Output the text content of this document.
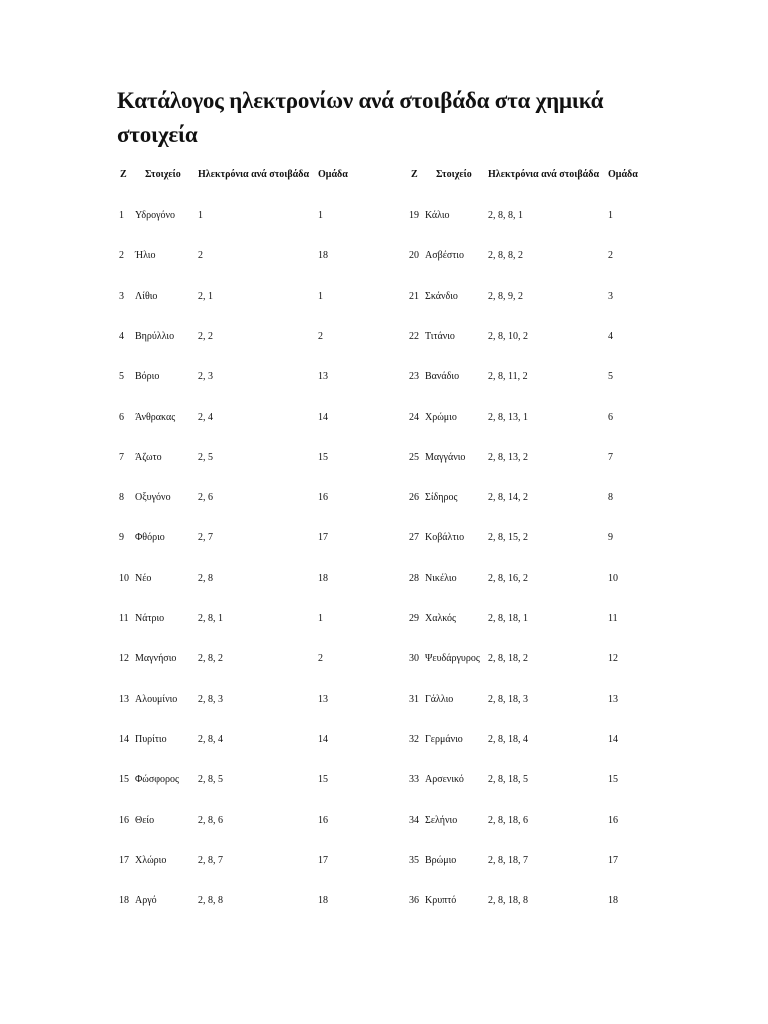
Κατάλογος ηλεκτρονίων ανά στοιβάδα στα χημικά στοιχεία
Z Στοιχείο Ηλεκτρόνια ανά στοιβάδα Ομάδα
1 Υδρογόνο 1	1
2 Ήλιο	2	18
3 Λίθιο	2, 1	1
4 Βηρύλλιο 2, 2	2
5 Βόριο	2, 3	13
6 Άνθρακας 2, 4	14
7 Άζωτο	2, 5	15
8 Οξυγόνο	2, 6	16
9 Φθόριο	2, 7	17
10 Νέο	2, 8	18
11 Νάτριο	2, 8, 1	1
12 Μαγνήσιο 2, 8, 2	2
13 Αλουμίνιο 2, 8, 3	13
14 Πυρίτιο	2, 8, 4	14
15 Φώσφορος 2, 8, 5	15
16 Θείο	2, 8, 6	16
17 Χλώριο	2, 8, 7	17
18 Αργό	2, 8, 8	18
Z Στοιχείο Ηλεκτρόνια ανά στοιβάδα Ομάδα
19 Κάλιο	2, 8, 8, 1	1
20 Ασβέστιο 2, 8, 8, 2	2
21 Σκάνδιο	2, 8, 9, 2	3
22 Τιτάνιο	2, 8, 10, 2	4
23 Βανάδιο	2, 8, 11, 2	5
24 Χρώμιο	2, 8, 13, 1	6
25 Μαγγάνιο 2, 8, 13, 2	7
26 Σίδηρος	2, 8, 14, 2	8
27 Κοβάλτιο 2, 8, 15, 2	9
28 Νικέλιο	2, 8, 16, 2	10
29 Χαλκός	2, 8, 18, 1	11
30 Ψευδάργυρος 2, 8, 18, 2	12
31 Γάλλιο	2, 8, 18, 3	13
32 Γερμάνιο	2, 8, 18, 4	14
33 Αρσενικό 2, 8, 18, 5	15
34 Σελήνιο	2, 8, 18, 6	16
35 Βρώμιο	2, 8, 18, 7	17
36 Κρυπτό	2, 8, 18, 8	18
